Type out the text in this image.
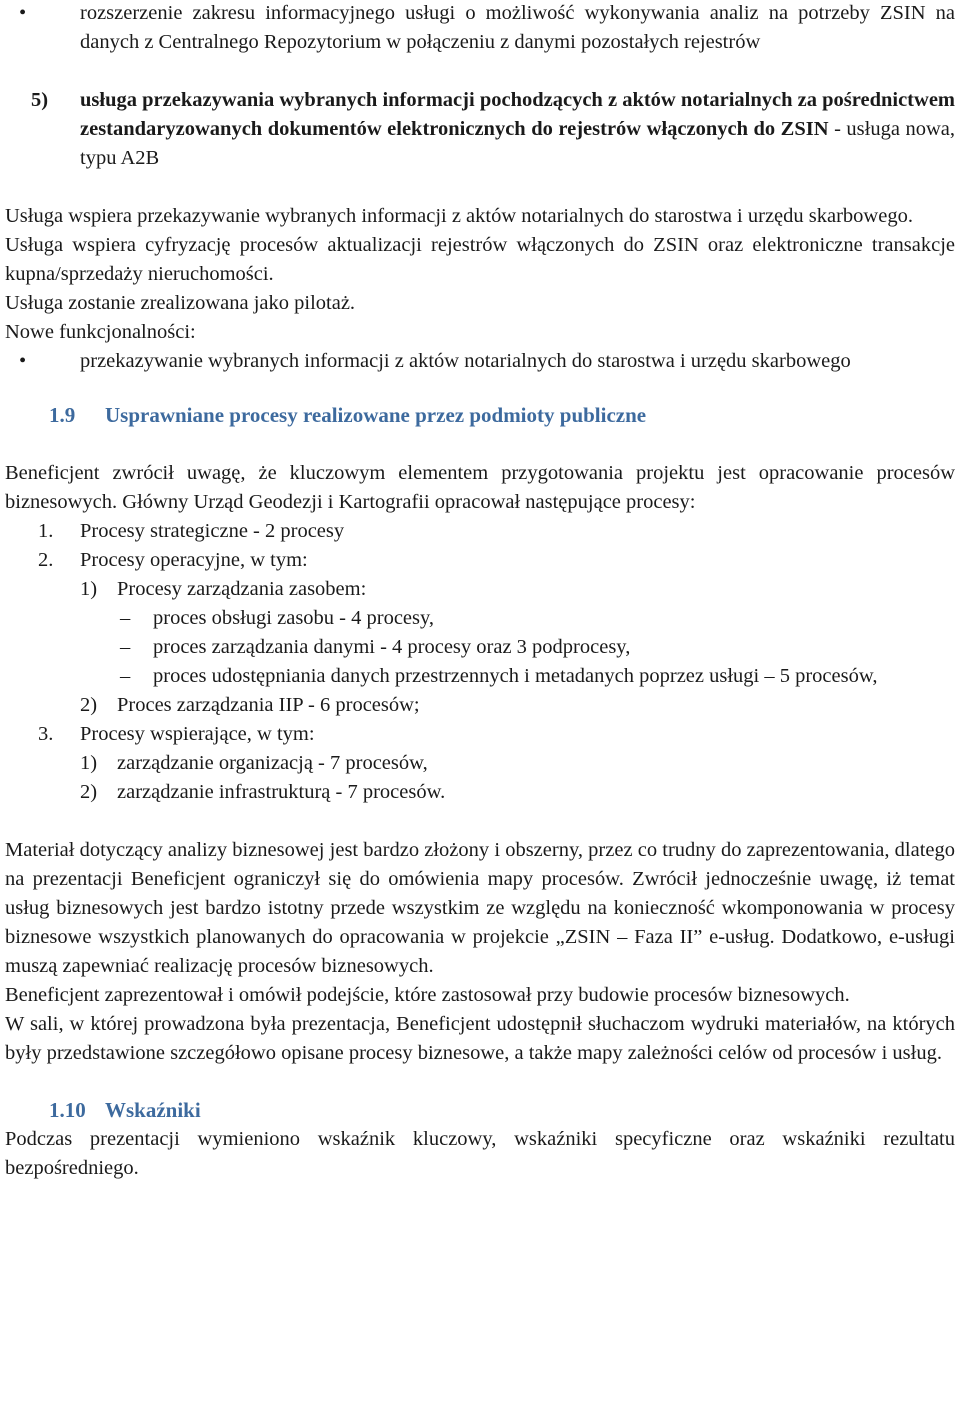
•	rozszerzenie zakresu informacyjnego usługi o możliwość wykonywania analiz na potrzeby ZSIN na danych z Centralnego Repozytorium w połączeniu z danymi pozostałych rejestrów
5)	usługa przekazywania wybranych informacji pochodzących z aktów notarialnych za pośrednictwem zestandaryzowanych dokumentów elektronicznych do rejestrów włączonych do ZSIN - usługa nowa, typu A2B

Usługa wspiera przekazywanie wybranych informacji z aktów notarialnych do starostwa i urzędu skarbowego.

Usługa wspiera cyfryzację procesów aktualizacji rejestrów włączonych do ZSIN oraz elektroniczne transakcje kupna/sprzedaży nieruchomości.

Usługa zostanie zrealizowana jako pilotaż.

Nowe funkcjonalności:

•	przekazywanie wybranych informacji z aktów notarialnych do starostwa i urzędu skarbowego
1.9	Usprawniane procesy realizowane przez podmioty publiczne

Beneficjent zwrócił uwagę, że kluczowym elementem przygotowania projektu jest opracowanie procesów biznesowych. Główny Urząd Geodezji i Kartografii opracował następujące procesy:

1.	Procesy strategiczne - 2 procesy
2.	Procesy operacyjne, w tym:
1) Procesy zarządzania zasobem:
–	proces obsługi zasobu - 4 procesy,
–	proces zarządzania danymi - 4 procesy oraz 3 podprocesy,
–	proces udostępniania danych przestrzennych i metadanych poprzez usługi – 5 procesów,
2) Proces zarządzania IIP - 6 procesów;
3.	Procesy wspierające, w tym:
1) zarządzanie organizacją - 7 procesów,
2) zarządzanie infrastrukturą - 7 procesów.

Materiał dotyczący analizy biznesowej jest bardzo złożony i obszerny, przez co trudny do zaprezentowania, dlatego na prezentacji Beneficjent ograniczył się do omówienia mapy procesów. Zwrócił jednocześnie uwagę, iż temat usług biznesowych jest bardzo istotny przede wszystkim ze względu na konieczność wkomponowania w procesy biznesowe wszystkich planowanych do opracowania w projekcie „ZSIN – Faza II” e-usług. Dodatkowo, e-usługi muszą zapewniać realizację procesów biznesowych.

Beneficjent zaprezentował i omówił podejście, które zastosował przy budowie procesów biznesowych.

W sali, w której prowadzona była prezentacja, Beneficjent udostępnił słuchaczom wydruki materiałów, na których były przedstawione szczegółowo opisane procesy biznesowe, a także mapy zależności celów od procesów i usług.

1.10 Wskaźniki

Podczas prezentacji wymieniono wskaźnik kluczowy, wskaźniki specyficzne oraz wskaźniki rezultatu bezpośredniego.
